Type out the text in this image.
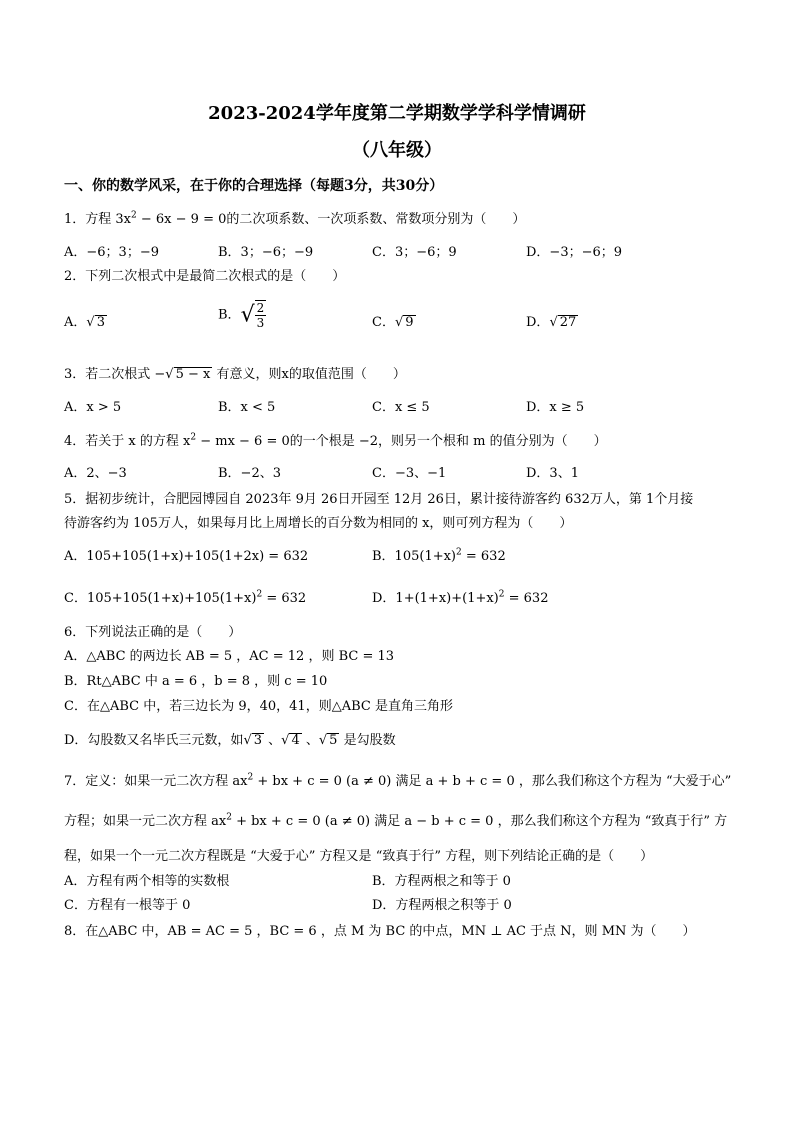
2023-2024学年度第二学期数学学科学情调研
（八年级）
一、你的数学风采，在于你的合理选择（每题3分，共30分）
1．方程 $3x^2 - 6x - 9 = 0$的二次项系数、一次项系数、常数项分别为（　　）
A．−6；3；−9	B．3；−6；−9	C．3；−6；9	D．−3；−6；9
2．下列二次根式中是最简二次根式的是（　　）
A．√ 3	B．√ $\frac{2}{3}$	C．√ 9	D．√ 27
3．若二次根式 −√ 5 − x 有意义，则x的取值范围（　　）
A．x > 5	B．x < 5	C．x ≤ 5	D．x ≥ 5
4．若关于 x 的方程 $x^2$ − mx − 6 = 0的一个根是 −2，则另一个根和 m 的值分别为（　　）
A．2、−3	B．−2、3	C．−3、−1	D．3、1
5．据初步统计，合肥园博园自 2023年 9月 26日开园至 12月 26日，累计接待游客约 632万人，第 1个月接
待游客约为 105万人，如果每月比上周增长的百分数为相同的 x，则可列方程为（　　）
A．105+105(1+x)+105(1+2x) = 632	B．$105(1+x)^2 = 632$
C．$105+105(1+x)+105(1+x)^2 = 632$	D．$1+(1+x)+(1+x)^2 = 632$
6．下列说法正确的是（　　）
A．△ABC 的两边长 AB = 5 ，AC = 12 ，则 BC = 13
B．Rt△ABC 中 a = 6 ，b = 8 ，则 c = 10
C．在△ABC 中，若三边长为 9，40，41，则△ABC 是直角三角形
D．勾股数又名毕氏三元数，如√ 3 、√ 4 、√ 5 是勾股数
7．定义：如果一元二次方程 $ax^2$ + bx + c = 0 (a ≠ 0) 满足 a + b + c = 0 ，那么我们称这个方程为 “大爱于心”
方程；如果一元二次方程 $ax^2$ + bx + c = 0 (a ≠ 0) 满足 a − b + c = 0 ，那么我们称这个方程为 “致真于行” 方
程，如果一个一元二次方程既是 “大爱于心” 方程又是 “致真于行” 方程，则下列结论正确的是（　　）
A．方程有两个相等的实数根	B．方程两根之和等于 0
C．方程有一根等于 0	D．方程两根之积等于 0
8．在△ABC 中，AB = AC = 5 ，BC = 6 ，点 M 为 BC 的中点，MN ⊥ AC 于点 N，则 MN 为（　　）
